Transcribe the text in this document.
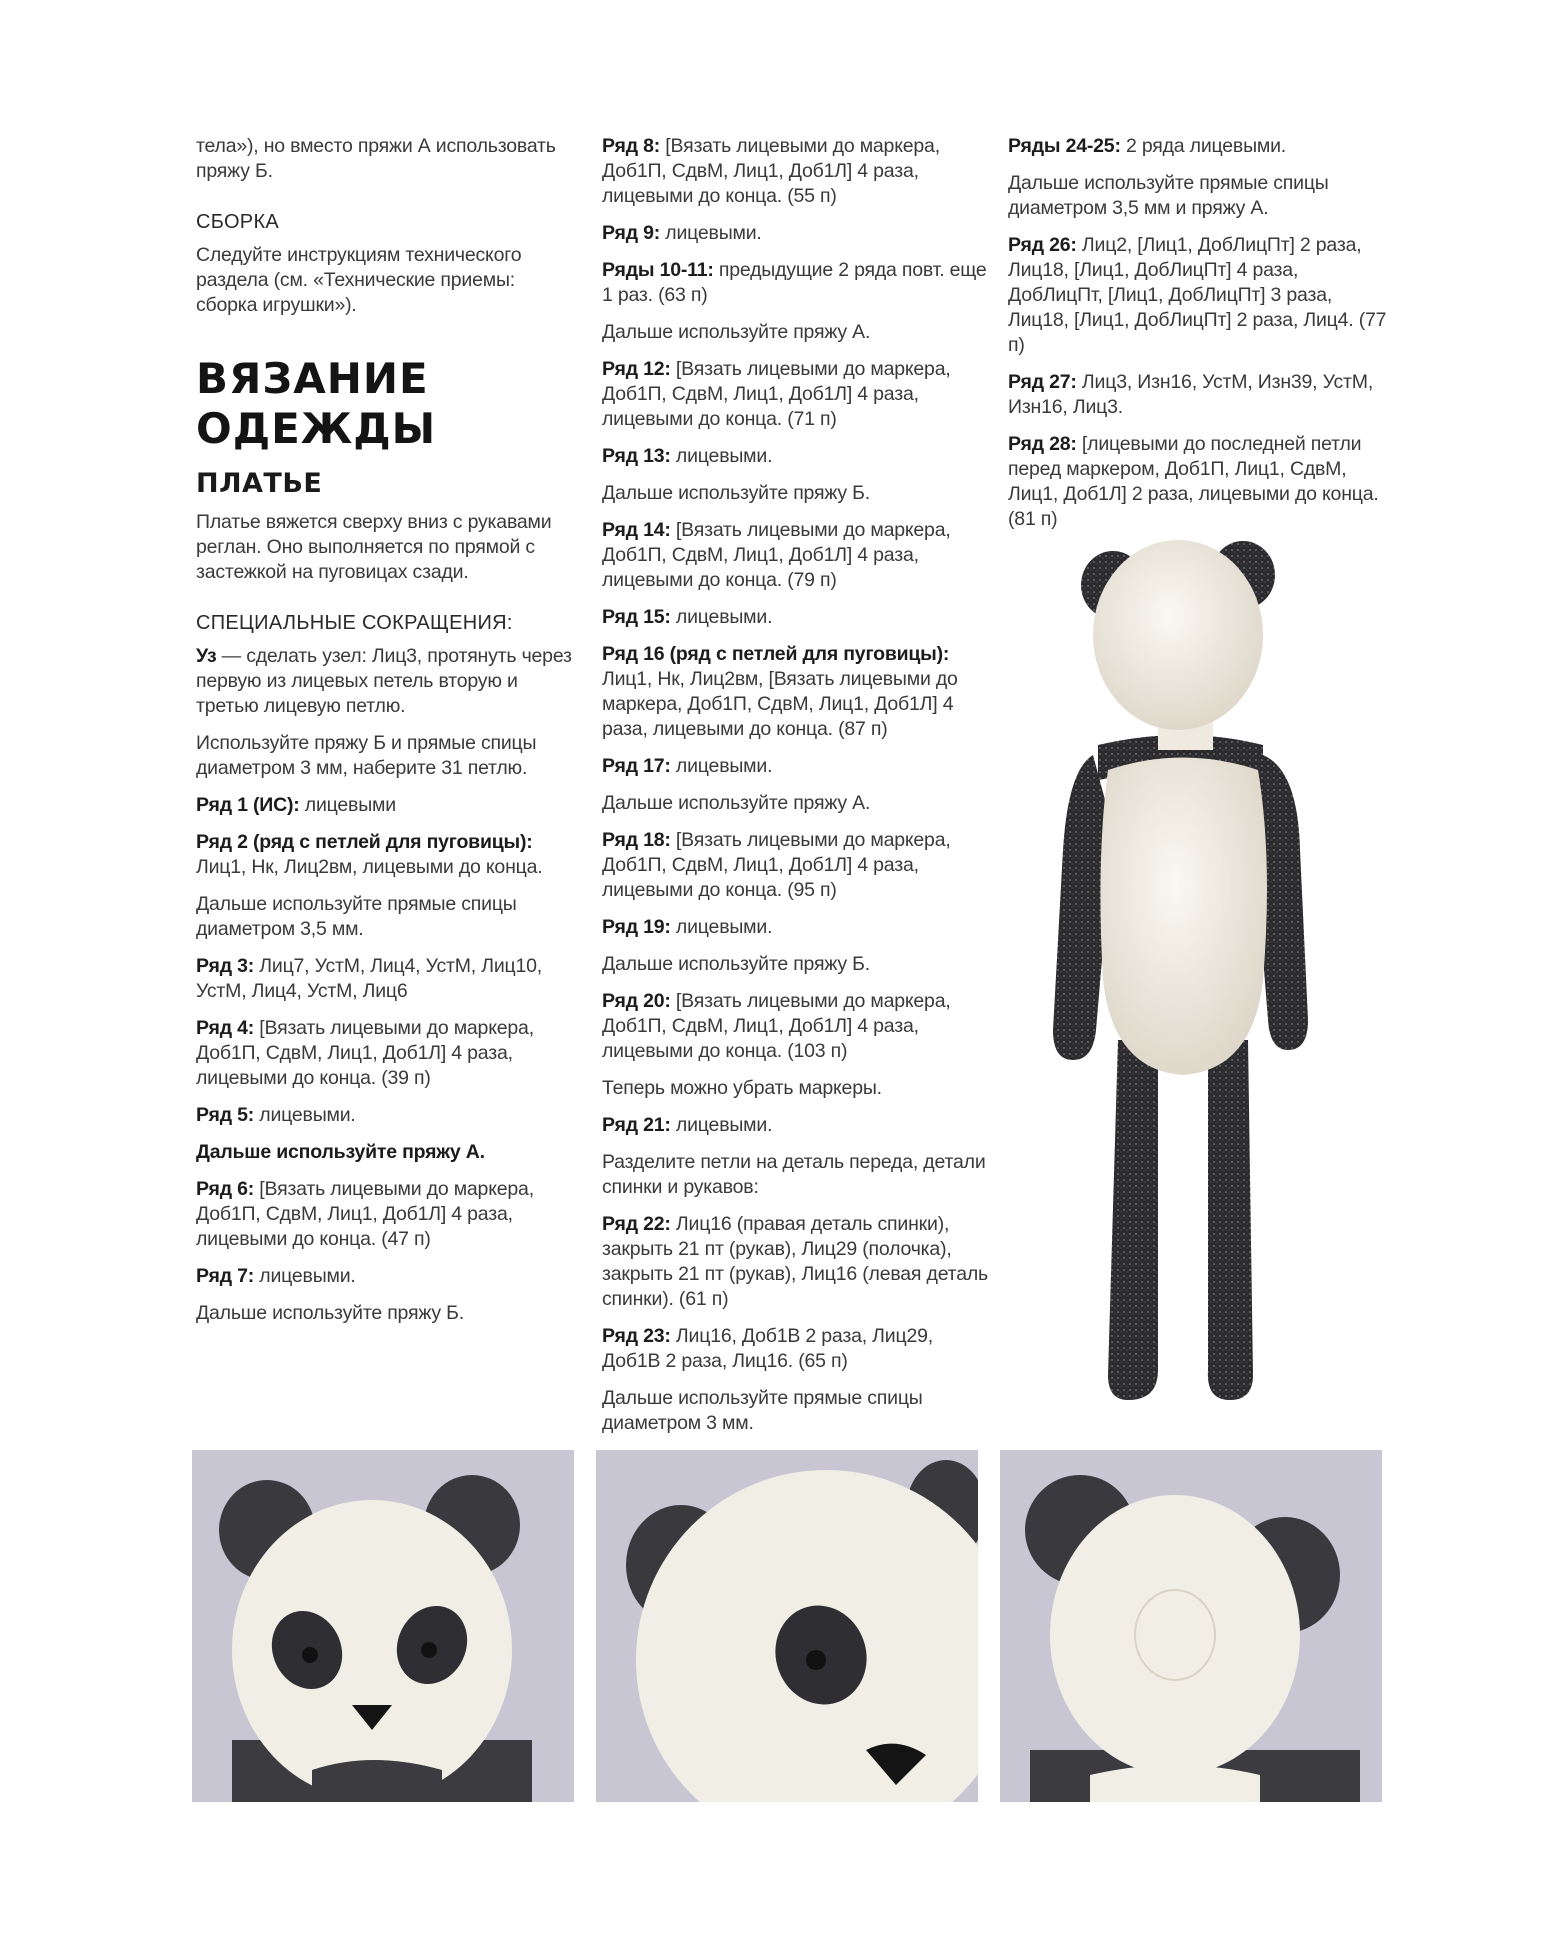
тела»), но вместо пряжи А использовать пряжу Б.

СБОРКА

Следуйте инструкциям технического раздела (см. «Технические приемы: сборка игрушки»).

ВЯЗАНИЕ ОДЕЖДЫ

ПЛАТЬЕ

Платье вяжется сверху вниз с рукавами реглан. Оно выполняется по прямой с застежкой на пуговицах сзади.

СПЕЦИАЛЬНЫЕ СОКРАЩЕНИЯ:

Уз — сделать узел: Лиц3, протянуть через первую из лицевых петель вторую и третью лицевую петлю.

Используйте пряжу Б и прямые спицы диаметром 3 мм, наберите 31 петлю.

Ряд 1 (ИС): лицевыми

Ряд 2 (ряд с петлей для пуговицы):
Лиц1, Нк, Лиц2вм, лицевыми до конца.

Дальше используйте прямые спицы диаметром 3,5 мм.

Ряд 3: Лиц7, УстМ, Лиц4, УстМ, Лиц10, УстМ, Лиц4, УстМ, Лиц6

Ряд 4: [Вязать лицевыми до маркера, Доб1П, СдвМ, Лиц1, Доб1Л] 4 раза, лицевыми до конца. (39 п)

Ряд 5: лицевыми.

Дальше используйте пряжу А.

Ряд 6: [Вязать лицевыми до маркера, Доб1П, СдвМ, Лиц1, Доб1Л] 4 раза, лицевыми до конца. (47 п)

Ряд 7: лицевыми.

Дальше используйте пряжу Б.

Ряд 8: [Вязать лицевыми до маркера, Доб1П, СдвМ, Лиц1, Доб1Л] 4 раза, лицевыми до конца. (55 п)

Ряд 9: лицевыми.

Ряды 10-11: предыдущие 2 ряда повт. еще 1 раз. (63 п)

Дальше используйте пряжу А.

Ряд 12: [Вязать лицевыми до маркера, Доб1П, СдвМ, Лиц1, Доб1Л] 4 раза, лицевыми до конца. (71 п)

Ряд 13: лицевыми.

Дальше используйте пряжу Б.

Ряд 14: [Вязать лицевыми до маркера, Доб1П, СдвМ, Лиц1, Доб1Л] 4 раза, лицевыми до конца. (79 п)

Ряд 15: лицевыми.

Ряд 16 (ряд с петлей для пуговицы):
Лиц1, Нк, Лиц2вм, [Вязать лицевыми до маркера, Доб1П, СдвМ, Лиц1, Доб1Л] 4 раза, лицевыми до конца. (87 п)

Ряд 17: лицевыми.

Дальше используйте пряжу А.

Ряд 18: [Вязать лицевыми до маркера, Доб1П, СдвМ, Лиц1, Доб1Л] 4 раза, лицевыми до конца. (95 п)

Ряд 19: лицевыми.

Дальше используйте пряжу Б.

Ряд 20: [Вязать лицевыми до маркера, Доб1П, СдвМ, Лиц1, Доб1Л] 4 раза, лицевыми до конца. (103 п)

Теперь можно убрать маркеры.

Ряд 21: лицевыми.

Разделите петли на деталь переда, детали спинки и рукавов:

Ряд 22: Лиц16 (правая деталь спинки), закрыть 21 пт (рукав), Лиц29 (полочка), закрыть 21 пт (рукав), Лиц16 (левая деталь спинки). (61 п)

Ряд 23: Лиц16, Доб1В 2 раза, Лиц29, Доб1В 2 раза, Лиц16. (65 п)

Дальше используйте прямые спицы диаметром 3 мм.

Ряды 24-25: 2 ряда лицевыми.

Дальше используйте прямые спицы диаметром 3,5 мм и пряжу А.

Ряд 26: Лиц2, [Лиц1, ДобЛицПт] 2 раза, Лиц18, [Лиц1, ДобЛицПт] 4 раза, ДобЛицПт, [Лиц1, ДобЛицПт] 3 раза, Лиц18, [Лиц1, ДобЛицПт] 2 раза, Лиц4. (77 п)

Ряд 27: Лиц3, Изн16, УстМ, Изн39, УстМ, Изн16, Лиц3.

Ряд 28: [лицевыми до последней петли перед маркером, Доб1П, Лиц1, СдвМ, Лиц1, Доб1Л] 2 раза, лицевыми до конца. (81 п)
